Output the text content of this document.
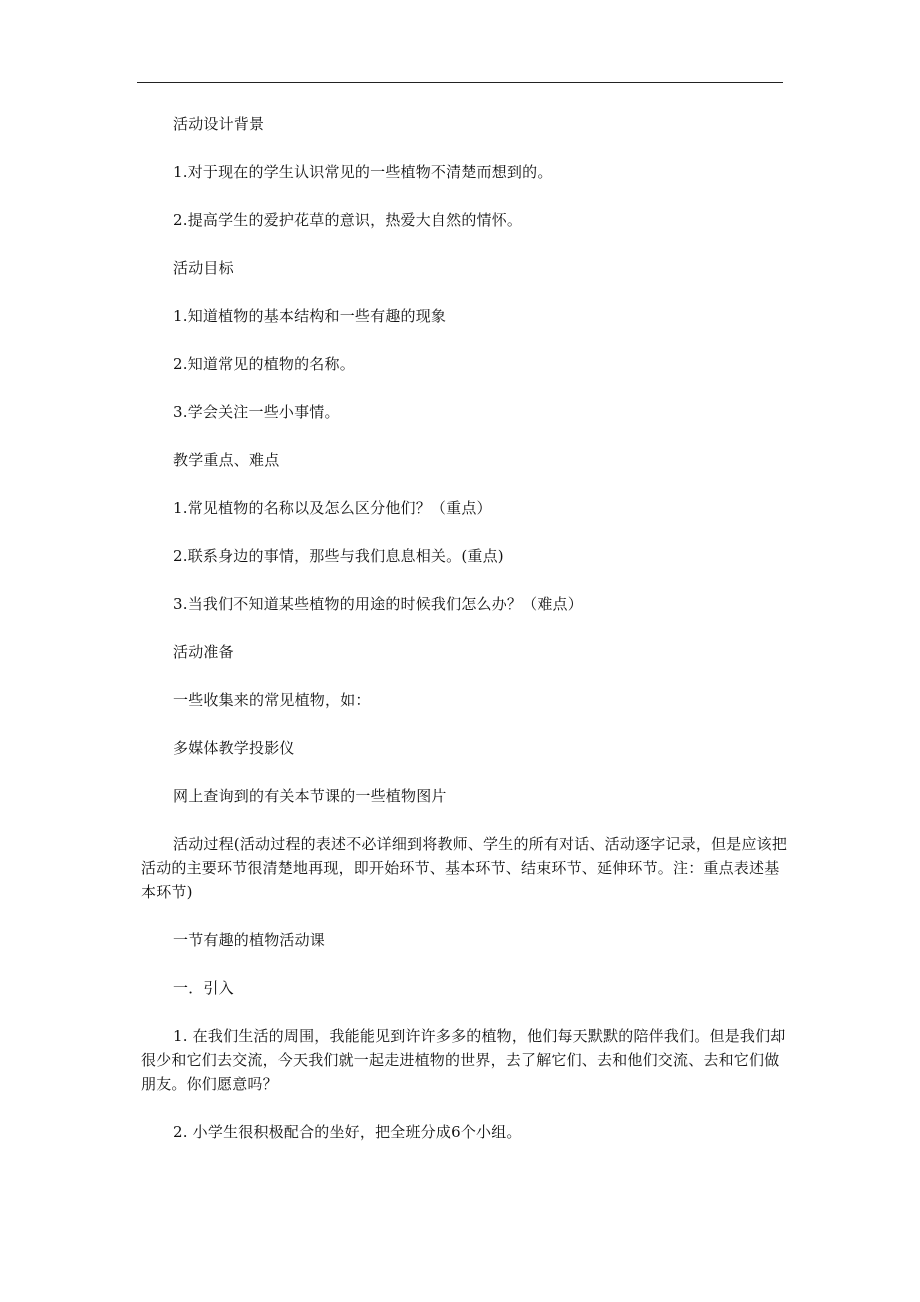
活动设计背景

1.对于现在的学生认识常见的一些植物不清楚而想到的。

2.提高学生的爱护花草的意识，热爱大自然的情怀。

活动目标

1.知道植物的基本结构和一些有趣的现象

2.知道常见的植物的名称。

3.学会关注一些小事情。

教学重点、难点

1.常见植物的名称以及怎么区分他们？（重点）

2.联系身边的事情，那些与我们息息相关。(重点)

3.当我们不知道某些植物的用途的时候我们怎么办？（难点）

活动准备

一些收集来的常见植物，如：

多媒体教学投影仪

网上查询到的有关本节课的一些植物图片

活动过程(活动过程的表述不必详细到将教师、学生的所有对话、活动逐字记录，但是应该把活动的主要环节很清楚地再现，即开始环节、基本环节、结束环节、延伸环节。注：重点表述基本环节)

一节有趣的植物活动课

一．引入

1. 在我们生活的周围，我能能见到许许多多的植物，他们每天默默的陪伴我们。但是我们却很少和它们去交流，今天我们就一起走进植物的世界，去了解它们、去和他们交流、去和它们做朋友。你们愿意吗？

2. 小学生很积极配合的坐好，把全班分成6个小组。
